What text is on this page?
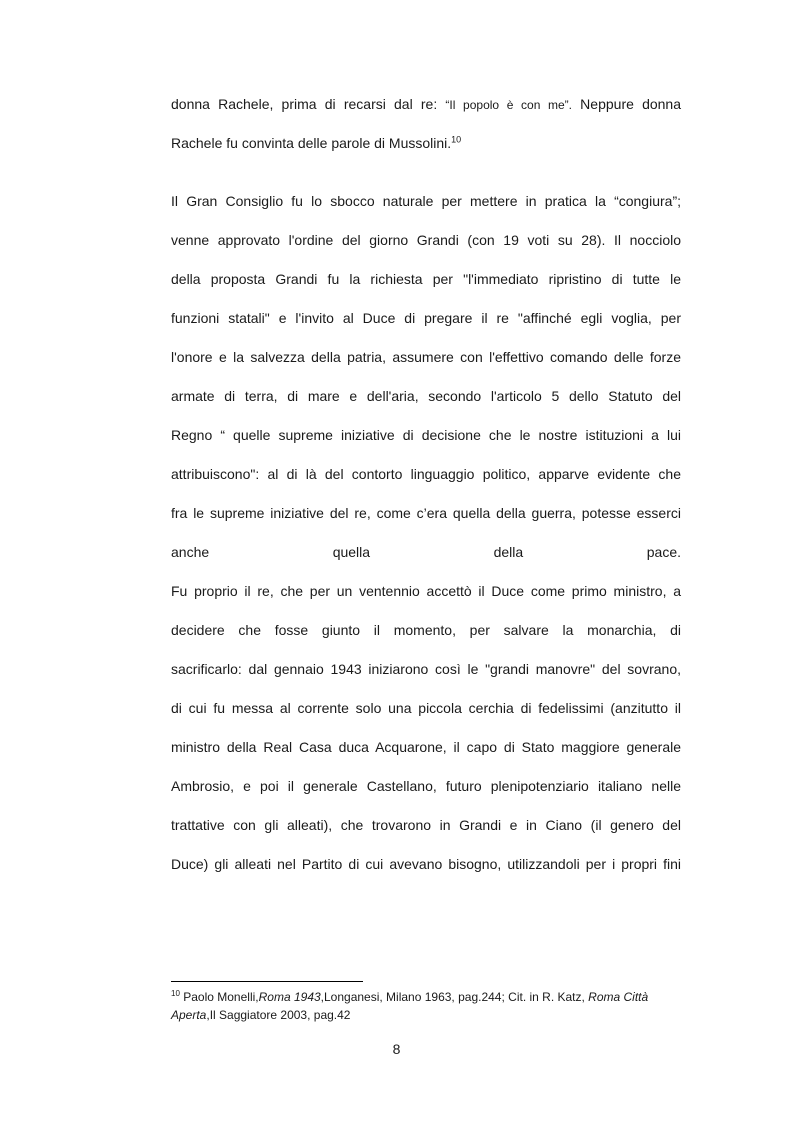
donna Rachele, prima di recarsi dal re: “Il popolo è con me”. Neppure donna
Rachele fu convinta delle parole di Mussolini.$^{10}$
Il Gran Consiglio fu lo sbocco naturale per mettere in pratica la “congiura”;
venne approvato l'ordine del giorno Grandi (con 19 voti su 28). Il nocciolo
della proposta Grandi fu la richiesta per "l'immediato ripristino di tutte le
funzioni statali" e l'invito al Duce di pregare il re "affinché egli voglia, per
l'onore e la salvezza della patria, assumere con l'effettivo comando delle forze
armate di terra, di mare e dell'aria, secondo l'articolo 5 dello Statuto del
Regno “ quelle supreme iniziative di decisione che le nostre istituzioni a lui
attribuiscono": al di là del contorto linguaggio politico, apparve evidente che
fra le supreme iniziative del re, come c’era quella della guerra, potesse esserci
anche quella della pace.
Fu proprio il re, che per un ventennio accettò il Duce come primo ministro, a
decidere che fosse giunto il momento, per salvare la monarchia, di
sacrificarlo: dal gennaio 1943 iniziarono così le "grandi manovre" del sovrano,
di cui fu messa al corrente solo una piccola cerchia di fedelissimi (anzitutto il
ministro della Real Casa duca Acquarone, il capo di Stato maggiore generale
Ambrosio, e poi il generale Castellano, futuro plenipotenziario italiano nelle
trattative con gli alleati), che trovarono in Grandi e in Ciano (il genero del
Duce) gli alleati nel Partito di cui avevano bisogno, utilizzandoli per i propri fini
$^{10}$ Paolo Monelli,Roma 1943,Longanesi, Milano 1963, pag.244; Cit. in R. Katz, Roma Città
Aperta,Il Saggiatore 2003, pag.42
8
